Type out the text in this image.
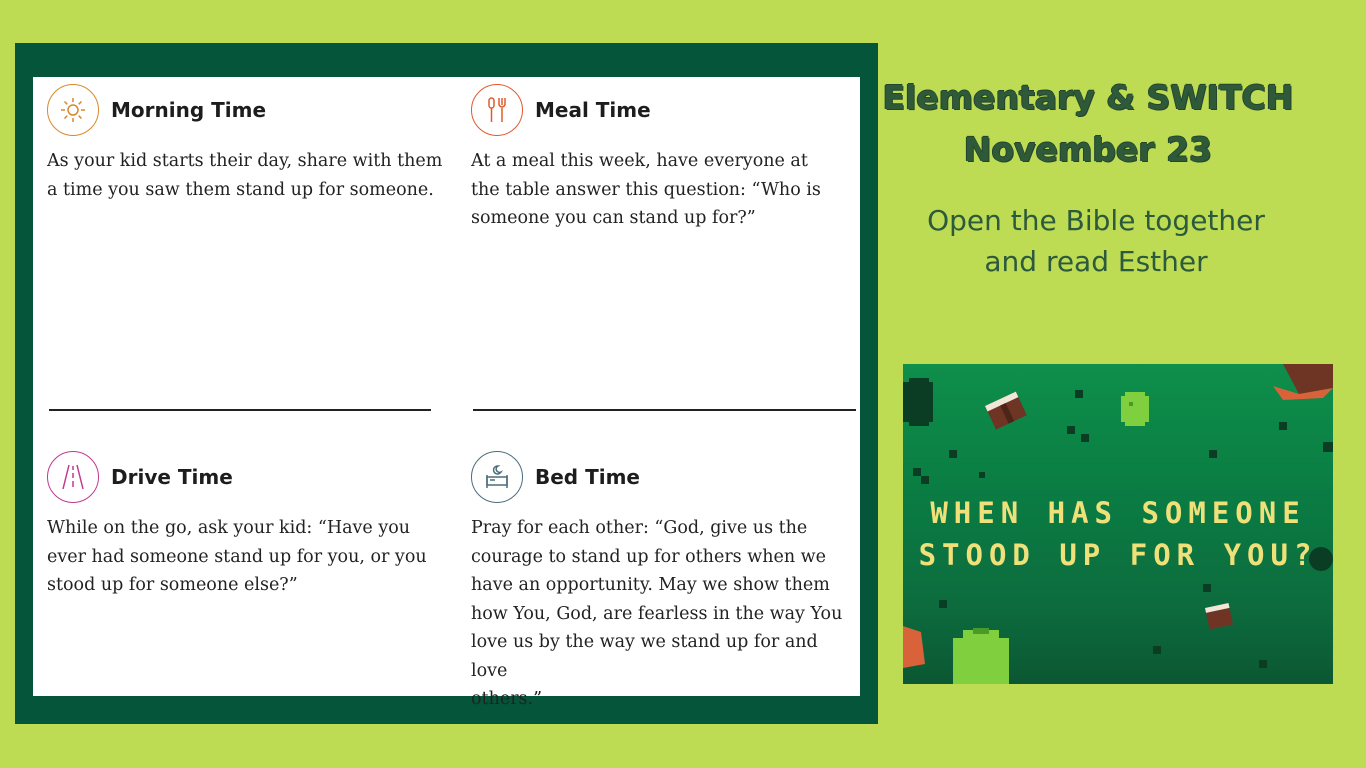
Morning Time
As your kid starts their day, share with them
a time you saw them stand up for someone.
Meal Time
At a meal this week, have everyone at
the table answer this question: “Who is
someone you can stand up for?”
Drive Time
While on the go, ask your kid: “Have you
ever had someone stand up for you, or you
stood up for someone else?”
Bed Time
Pray for each other: “God, give us the
courage to stand up for others when we
have an opportunity. May we show them
how You, God, are fearless in the way You
love us by the way we stand up for and love
others.”
Elementary & SWITCH
November 23
Open the Bible together
and read Esther
WHEN HAS SOMEONE
STOOD UP FOR YOU?
